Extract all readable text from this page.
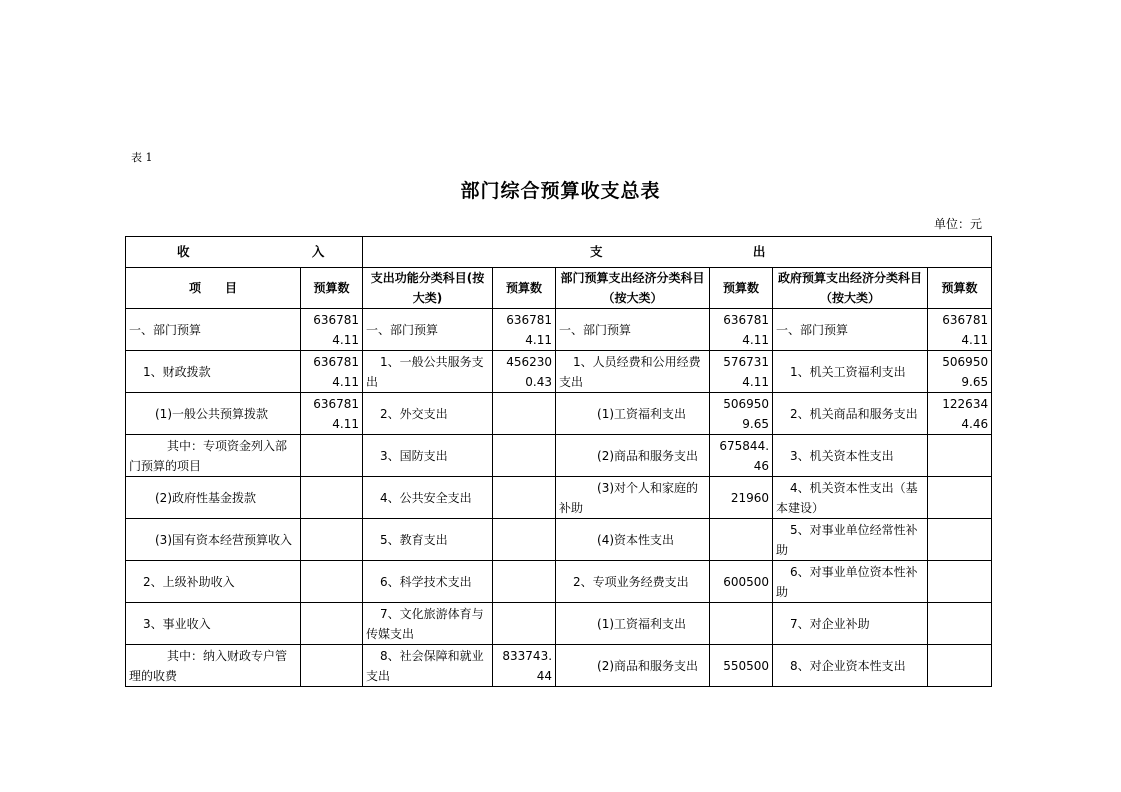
表 1
部门综合预算收支总表
单位：元
收 入		支 出					
项　　目	预算数	支出功能分类科目(按大类)	预算数	部门预算支出经济分类科目（按大类）	预算数	政府预算支出经济分类科目（按大类）	预算数
一、部门预算	6367814.11	一、部门预算	6367814.11	一、部门预算	6367814.11	一、部门预算	6367814.11
1、财政拨款	6367814.11	1、一般公共服务支出	4562300.43	1、人员经费和公用经费支出	5767314.11	1、机关工资福利支出	5069509.65
(1)一般公共预算拨款	6367814.11	2、外交支出		(1)工资福利支出	5069509.65	2、机关商品和服务支出	1226344.46
其中：专项资金列入部门预算的项目		3、国防支出		(2)商品和服务支出	675844.46	3、机关资本性支出	
(2)政府性基金拨款		4、公共安全支出		(3)对个人和家庭的补助	21960	4、机关资本性支出（基本建设）	
(3)国有资本经营预算收入		5、教育支出		(4)资本性支出		5、对事业单位经常性补助	
2、上级补助收入		6、科学技术支出		2、专项业务经费支出	600500	6、对事业单位资本性补助	
3、事业收入		7、文化旅游体育与传媒支出		(1)工资福利支出		7、对企业补助	
其中：纳入财政专户管理的收费		8、社会保障和就业支出	833743.44	(2)商品和服务支出	550500	8、对企业资本性支出	
